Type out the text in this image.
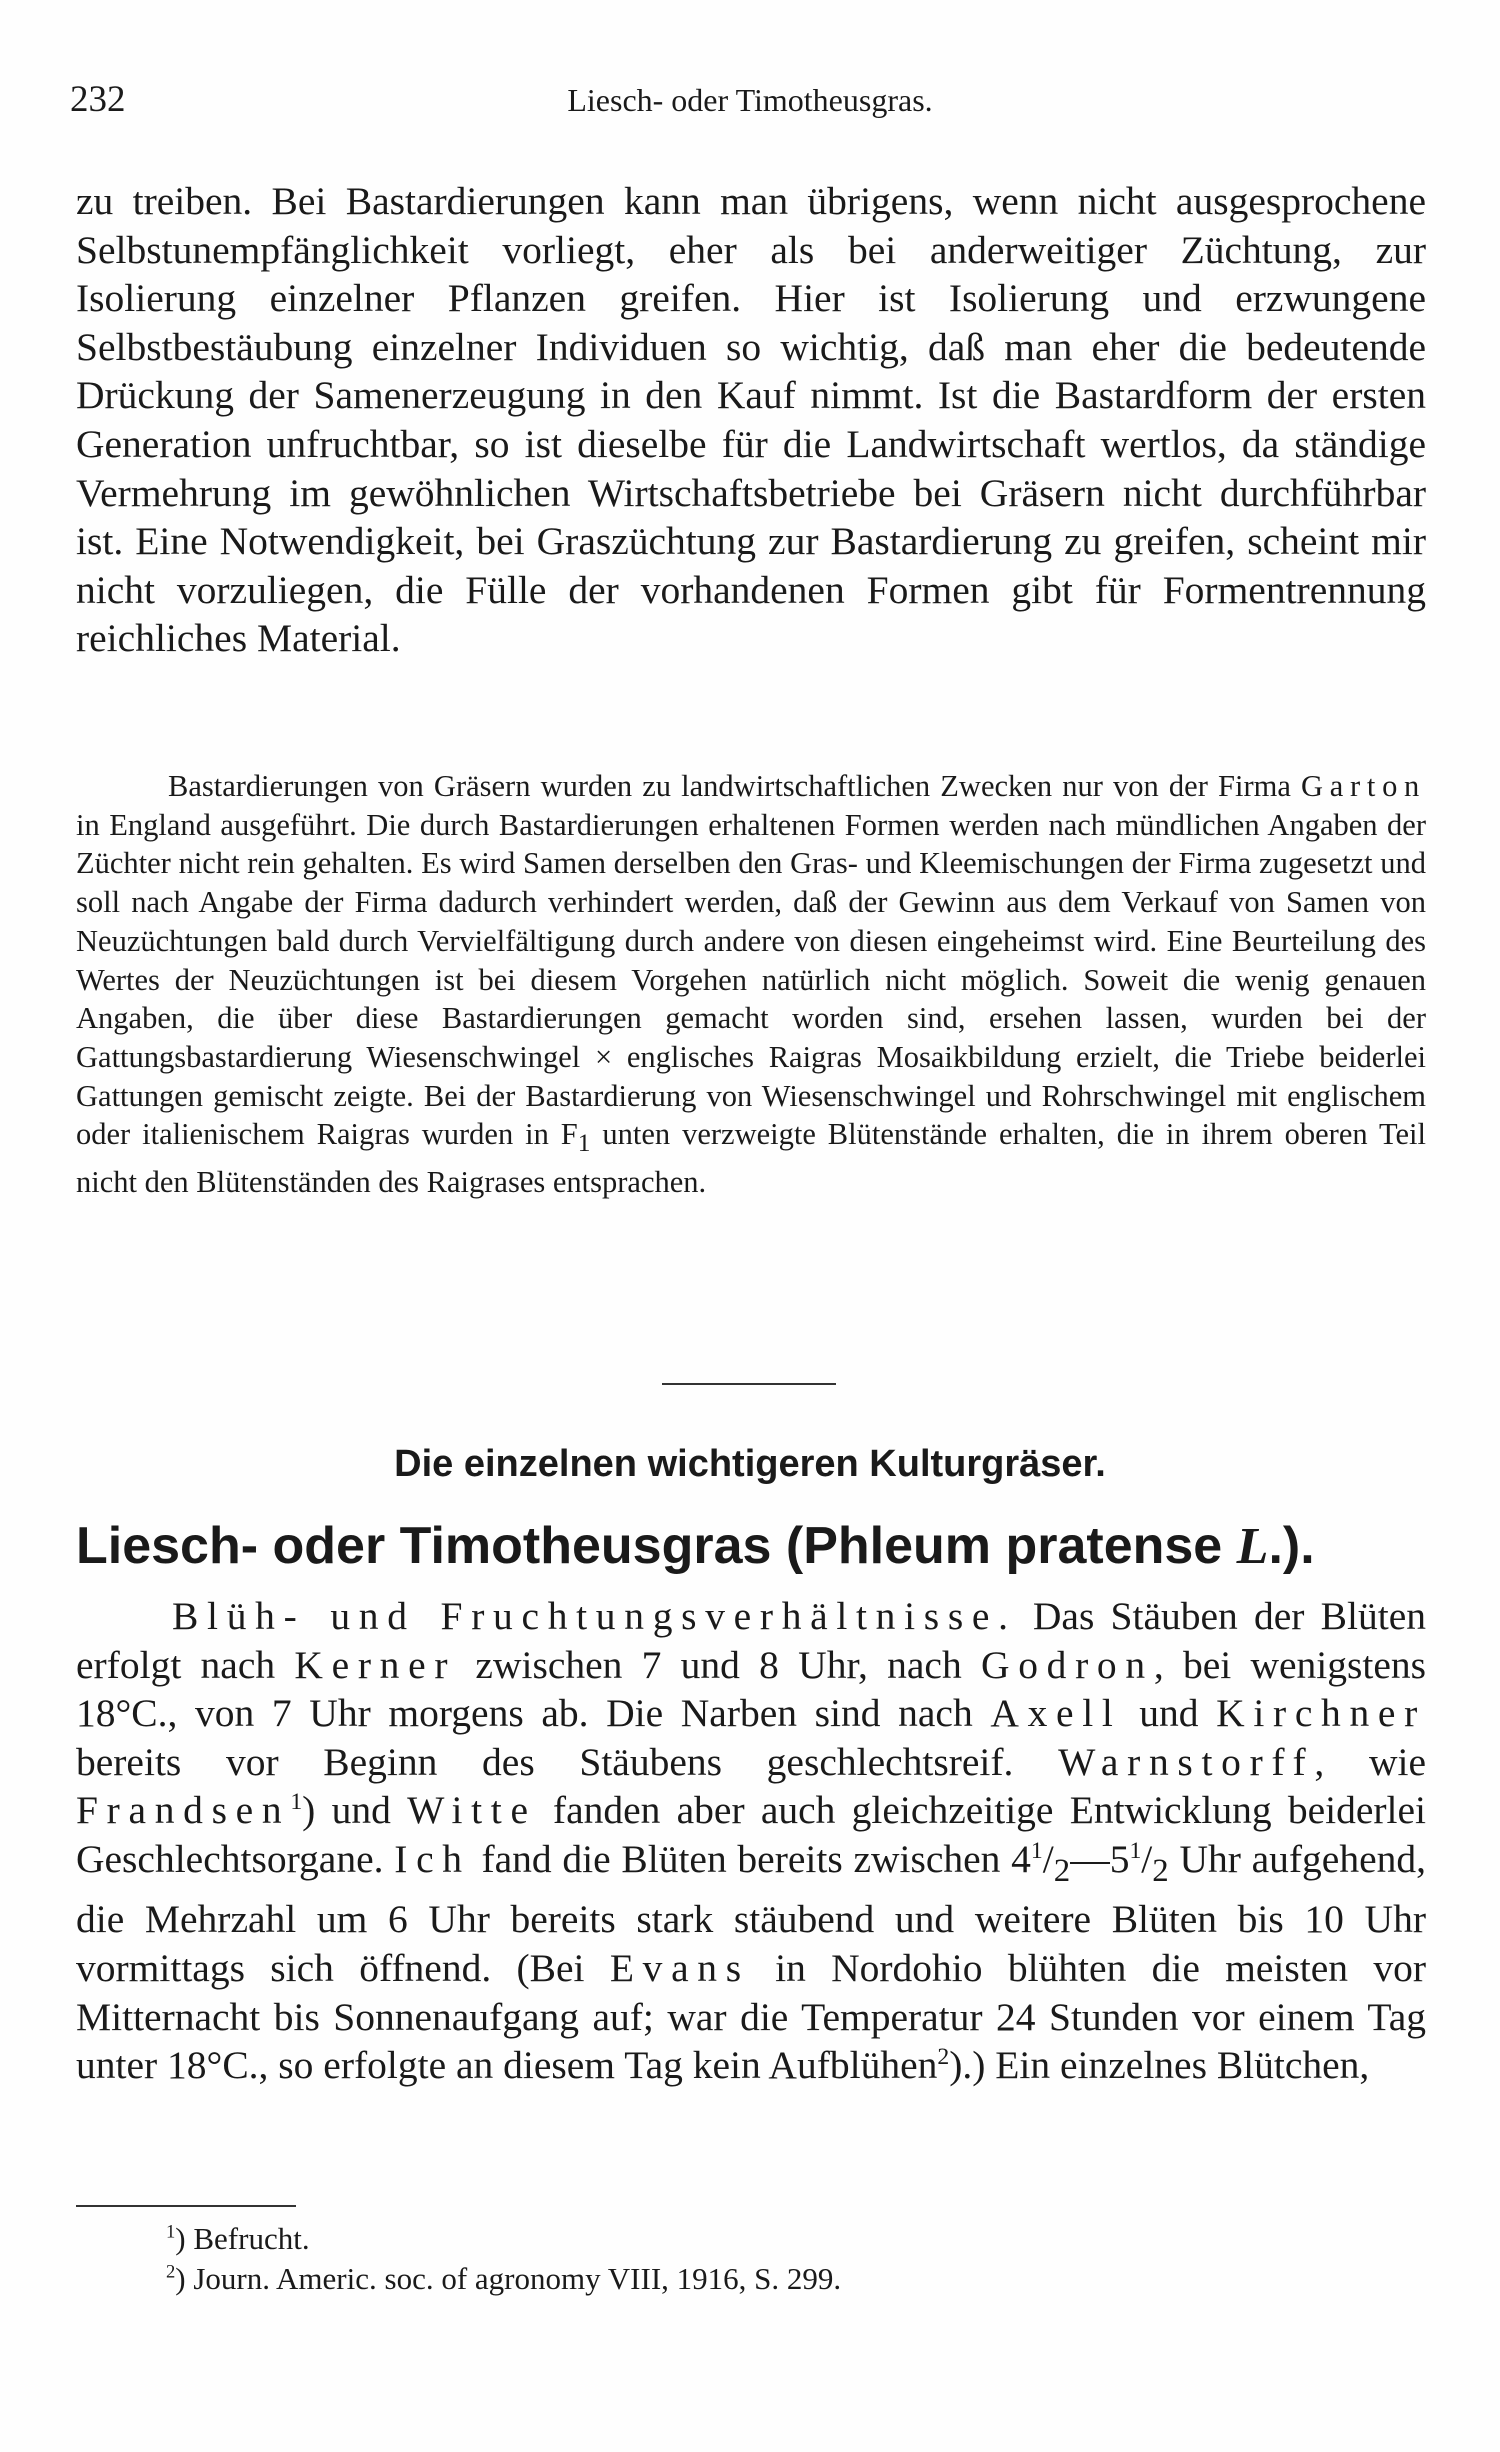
232	Liesch- oder Timotheusgras.

zu treiben. Bei Bastardierungen kann man übrigens, wenn nicht ausgesprochene Selbstunempfänglichkeit vorliegt, eher als bei anderweitiger Züchtung, zur Isolierung einzelner Pflanzen greifen. Hier ist Isolierung und erzwungene Selbstbestäubung einzelner Individuen so wichtig, daß man eher die bedeutende Drückung der Samenerzeugung in den Kauf nimmt. Ist die Bastardform der ersten Generation unfruchtbar, so ist dieselbe für die Landwirtschaft wertlos, da ständige Vermehrung im gewöhnlichen Wirtschaftsbetriebe bei Gräsern nicht durchführbar ist. Eine Notwendigkeit, bei Graszüchtung zur Bastardierung zu greifen, scheint mir nicht vorzuliegen, die Fülle der vorhandenen Formen gibt für Formentrennung reichliches Material.

Bastardierungen von Gräsern wurden zu landwirtschaftlichen Zwecken nur von der Firma Garton in England ausgeführt. Die durch Bastardierungen erhaltenen Formen werden nach mündlichen Angaben der Züchter nicht rein gehalten. Es wird Samen derselben den Gras- und Kleemischungen der Firma zugesetzt und soll nach Angabe der Firma dadurch verhindert werden, daß der Gewinn aus dem Verkauf von Samen von Neuzüchtungen bald durch Vervielfältigung durch andere von diesen eingeheimst wird. Eine Beurteilung des Wertes der Neuzüchtungen ist bei diesem Vorgehen natürlich nicht möglich. Soweit die wenig genauen Angaben, die über diese Bastardierungen gemacht worden sind, ersehen lassen, wurden bei der Gattungsbastardierung Wiesenschwingel × englisches Raigras Mosaikbildung erzielt, die Triebe beiderlei Gattungen gemischt zeigte. Bei der Bastardierung von Wiesenschwingel und Rohrschwingel mit englischem oder italienischem Raigras wurden in $F_1$ unten verzweigte Blütenstände erhalten, die in ihrem oberen Teil nicht den Blütenständen des Raigrases entsprachen.

Die einzelnen wichtigeren Kulturgräser.
Liesch- oder Timotheusgras (Phleum pratense L.).

Blüh- und Fruchtungsverhältnisse. Das Stäuben der Blüten erfolgt nach Kerner zwischen 7 und 8 Uhr, nach Godron, bei wenigstens 18°C., von 7 Uhr morgens ab. Die Narben sind nach Axell und Kirchner bereits vor Beginn des Stäubens geschlechtsreif. Warnstorff, wie Frandsen$^1$) und Witte fanden aber auch gleichzeitige Entwicklung beiderlei Geschlechtsorgane. Ich fand die Blüten bereits zwischen $4^1/_2—5^1/_2$ Uhr aufgehend, die Mehrzahl um 6 Uhr bereits stark stäubend und weitere Blüten bis 10 Uhr vormittags sich öffnend. (Bei Evans in Nordohio blühten die meisten vor Mitternacht bis Sonnenaufgang auf; war die Temperatur 24 Stunden vor einem Tag unter 18°C., so erfolgte an diesem Tag kein Aufblühen$^2$).) Ein einzelnes Blütchen,

$^1$) Befrucht.
$^2$) Journ. Americ. soc. of agronomy VIII, 1916, S. 299.
